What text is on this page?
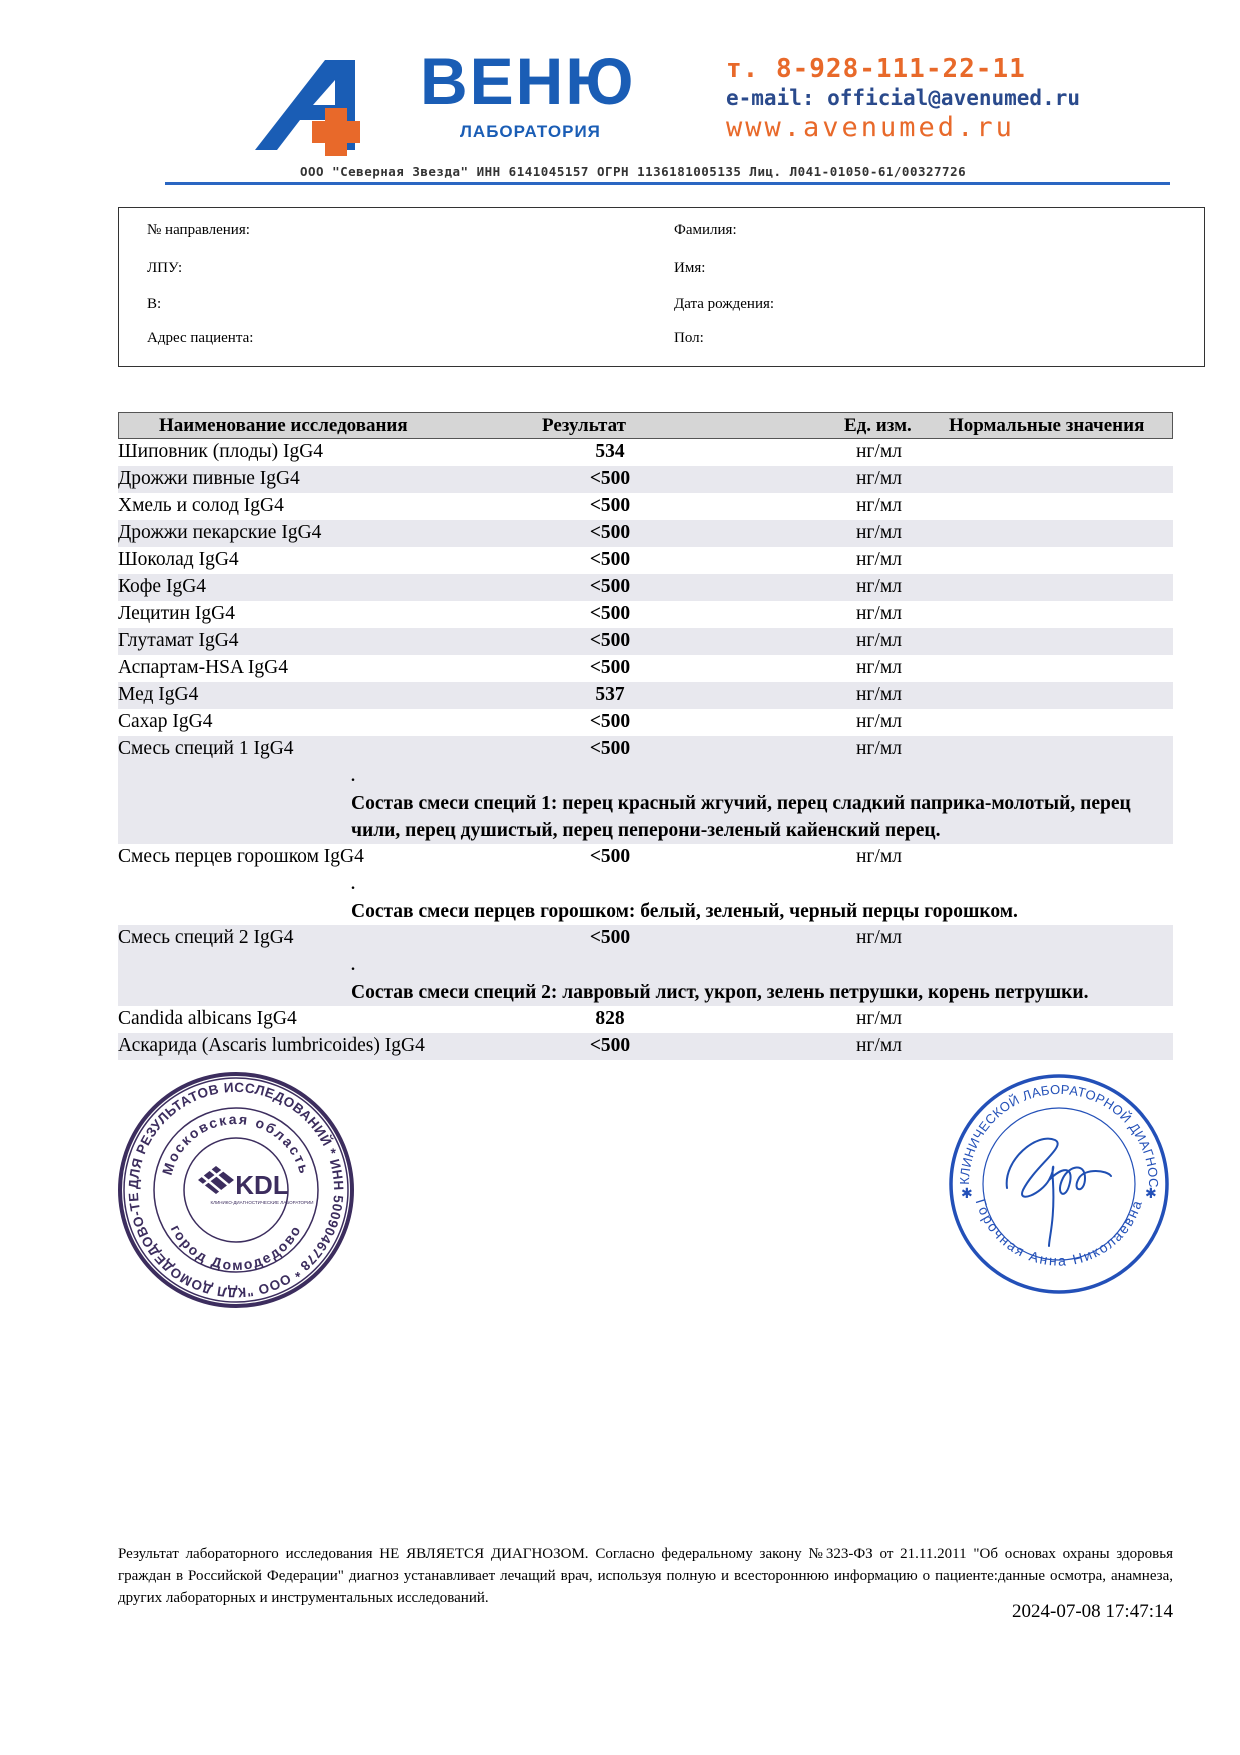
ВЕНЮ
ЛАБОРАТОРИЯ
т. 8-928-111-22-11
e-mail: official@avenumed.ru
www.avenumed.ru
ООО "Северная Звезда" ИНН 6141045157 ОГРН 1136181005135 Лиц. Л041-01050-61/00327726
№ направления:
ЛПУ:
В:
Адрес пациента:
Фамилия:
Имя:
Дата рождения:
Пол:
Наименование исследования	Результат	Ед. изм. Нормальные значения
Шиповник (плоды) IgG4	534	нг/мл
Дрожжи пивные IgG4	<500	нг/мл
Хмель и солод IgG4	<500	нг/мл
Дрожжи пекарские IgG4	<500	нг/мл
Шоколад IgG4	<500	нг/мл
Кофе IgG4	<500	нг/мл
Лецитин IgG4	<500	нг/мл
Глутамат IgG4	<500	нг/мл
Аспартам-HSA IgG4	<500	нг/мл
Мед IgG4	537	нг/мл
Сахар IgG4	<500	нг/мл
Смесь специй 1 IgG4	<500	нг/мл
.
Состав смеси специй 1: перец красный жгучий, перец сладкий паприка-молотый, перец чили, перец душистый, перец пеперони-зеленый кайенский перец.
Смесь перцев горошком IgG4	<500	нг/мл
.
Состав смеси перцев горошком: белый, зеленый, черный перцы горошком.
Смесь специй 2 IgG4	<500	нг/мл
.
Состав смеси специй 2: лавровый лист, укроп, зелень петрушки, корень петрушки.
Candida albicans IgG4	828	нг/мл
Аскарида (Ascaris lumbricoides) IgG4	<500	нг/мл
ДЛЯ РЕЗУЛЬТАТОВ ИССЛЕДОВАНИЙ * ИНН 5009046778 * ООО "КДЛ ДОМОДЕДОВО-ТЕ
Московская область
город Домодедово
KDL
КЛИНИКО-ДИАГНОСТИЧЕСКИЕ ЛАБОРАТОРИИ
КЛИНИЧЕСКОЙ ЛАБОРАТОРНОЙ ДИАГНОС
Горочная Анна Николаевна
✱	✱
Результат лабораторного исследования НЕ ЯВЛЯЕТСЯ ДИАГНОЗОМ. Согласно федеральному закону №323-ФЗ от 21.11.2011 "Об основах охраны здоровья граждан в Российской Федерации" диагноз устанавливает лечащий врач, используя полную и всестороннюю информацию о пациенте:данные осмотра, анамнеза, других лабораторных и инструментальных исследований.
2024-07-08 17:47:14
